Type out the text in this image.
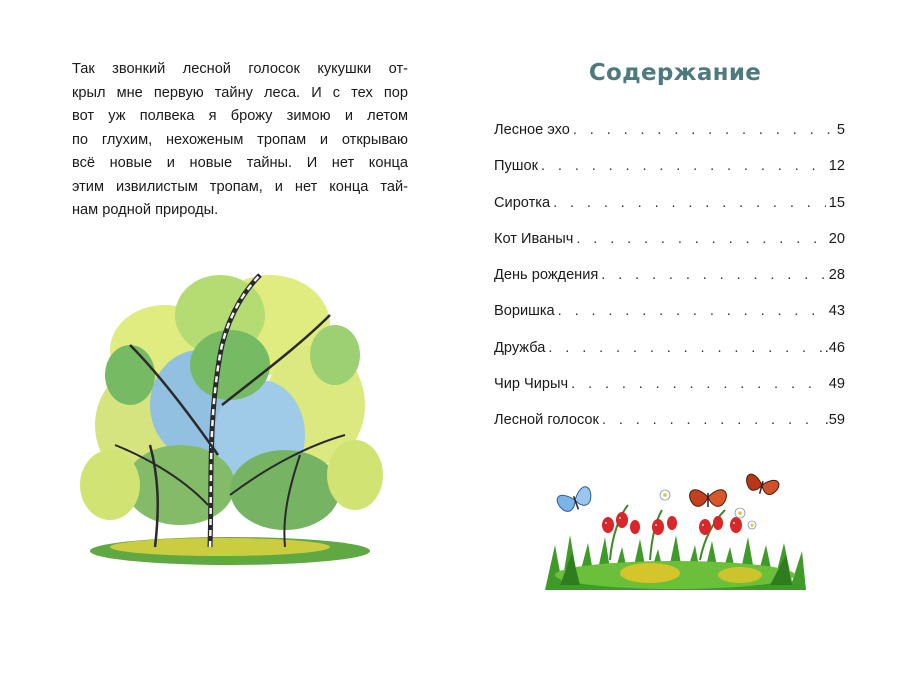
Так звонкий лесной голосок кукушки от-
крыл мне первую тайну леса. И с тех пор
вот уж полвека я брожу зимою и летом
по глухим, нехоженым тропам и открываю
всё новые и новые тайны. И нет конца
этим извилистым тропам, и нет конца тай-
нам родной природы.
Содержание
Лесное эхо . . .	5
Пушок . . .	12
Сиротка . . .	15
Кот Иваныч . . .	20
День рождения . . .	28
Воришка . . .	43
Дружба . . .	.46
Чир Чирыч . . .	49
Лесной голосок . . .	.59
